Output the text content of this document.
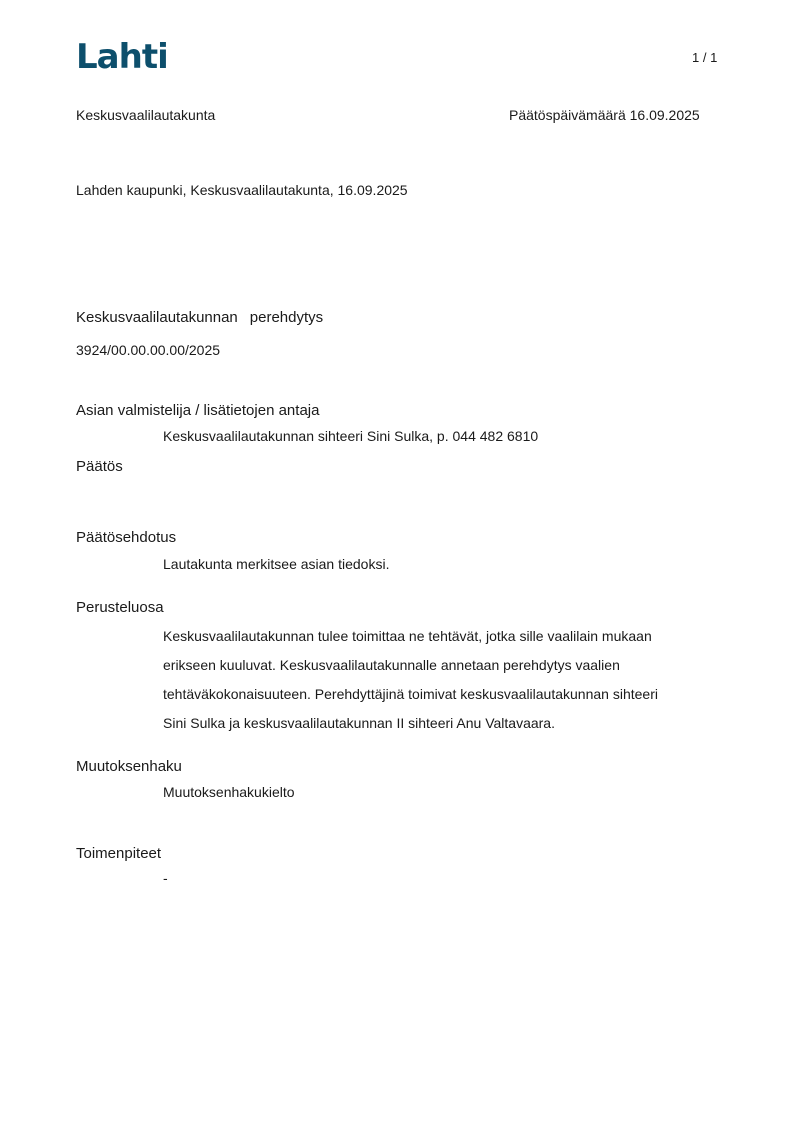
Lahti	1 / 1
Keskusvaalilautakunta	Päätöspäivämäärä 16.09.2025
Lahden kaupunki, Keskusvaalilautakunta, 16.09.2025
Keskusvaalilautakunnan perehdytys
3924/00.00.00.00/2025
Asian valmistelija / lisätietojen antaja
Keskusvaalilautakunnan sihteeri Sini Sulka, p. 044 482 6810
Päätös
Päätösehdotus
Lautakunta merkitsee asian tiedoksi.
Perusteluosa
Keskusvaalilautakunnan tulee toimittaa ne tehtävät, jotka sille vaalilain mukaan
erikseen kuuluvat. Keskusvaalilautakunnalle annetaan perehdytys vaalien
tehtäväkokonaisuuteen. Perehdyttäjinä toimivat keskusvaalilautakunnan sihteeri
Sini Sulka ja keskusvaalilautakunnan II sihteeri Anu Valtavaara.
Muutoksenhaku
Muutoksenhakukielto
Toimenpiteet
-
